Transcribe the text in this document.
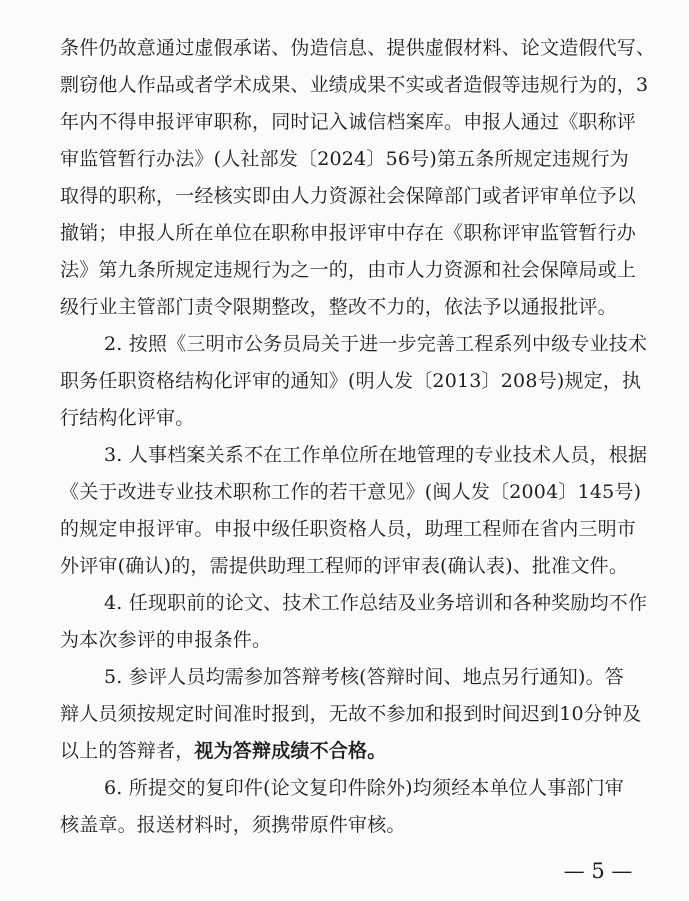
条件仍故意通过虚假承诺、伪造信息、提供虚假材料、论文造假代写、
剽窃他人作品或者学术成果、业绩成果不实或者造假等违规行为的，3
年内不得申报评审职称，同时记入诚信档案库。申报人通过《职称评
审监管暂行办法》(人社部发〔2024〕56号)第五条所规定违规行为
取得的职称，一经核实即由人力资源社会保障部门或者评审单位予以
撤销；申报人所在单位在职称申报评审中存在《职称评审监管暂行办
法》第九条所规定违规行为之一的，由市人力资源和社会保障局或上
级行业主管部门责令限期整改，整改不力的，依法予以通报批评。
2. 按照《三明市公务员局关于进一步完善工程系列中级专业技术
职务任职资格结构化评审的通知》(明人发〔2013〕208号)规定，执
行结构化评审。
3. 人事档案关系不在工作单位所在地管理的专业技术人员，根据
《关于改进专业技术职称工作的若干意见》(闽人发〔2004〕145号)
的规定申报评审。申报中级任职资格人员，助理工程师在省内三明市
外评审(确认)的，需提供助理工程师的评审表(确认表)、批准文件。
4. 任现职前的论文、技术工作总结及业务培训和各种奖励均不作
为本次参评的申报条件。
5. 参评人员均需参加答辩考核(答辩时间、地点另行通知)。答
辩人员须按规定时间准时报到，无故不参加和报到时间迟到10分钟及
以上的答辩者，视为答辩成绩不合格。
6. 所提交的复印件(论文复印件除外)均须经本单位人事部门审
核盖章。报送材料时，须携带原件审核。
— 5 —
